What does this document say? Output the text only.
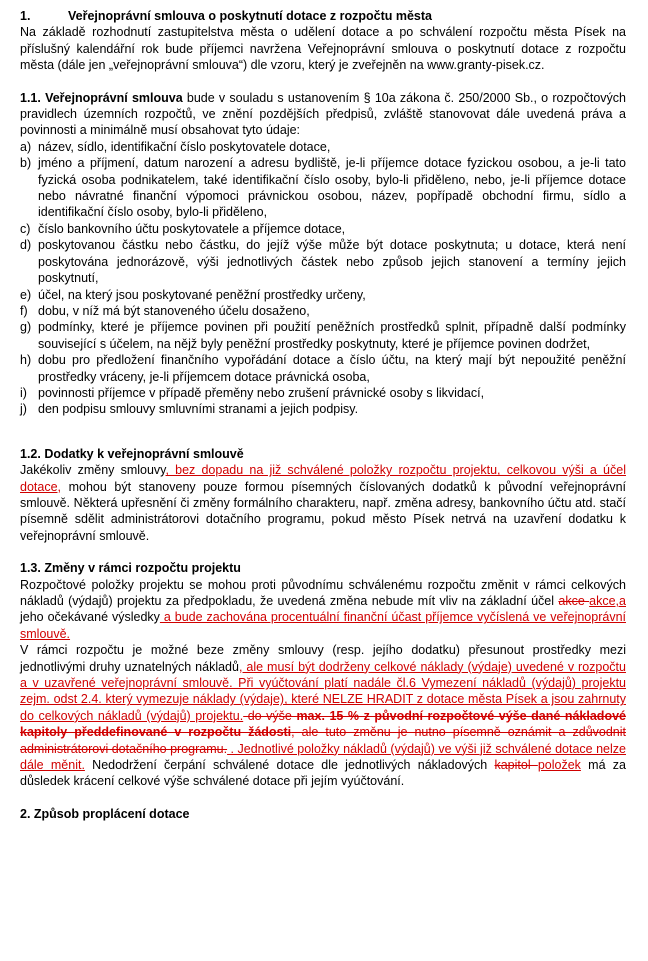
1.	Veřejnoprávní smlouva o poskytnutí dotace z rozpočtu města

Na základě rozhodnutí zastupitelstva města o udělení dotace a po schválení rozpočtu města Písek na příslušný kalendářní rok bude příjemci navržena Veřejnoprávní smlouva o poskytnutí dotace z rozpočtu města (dále jen „veřejnoprávní smlouva“) dle vzoru, který je zveřejněn na www.granty-pisek.cz.

1.1. Veřejnoprávní smlouva bude v souladu s ustanovením § 10a zákona č. 250/2000 Sb., o rozpočtových pravidlech územních rozpočtů, ve znění pozdějších předpisů, zvláště stanovovat dále uvedená práva a povinnosti a minimálně musí obsahovat tyto údaje:

a) název, sídlo, identifikační číslo poskytovatele dotace,
b) jméno a příjmení, datum narození a adresu bydliště, je-li příjemce dotace fyzickou osobou, a je-li tato fyzická osoba podnikatelem, také identifikační číslo osoby, bylo-li přiděleno, nebo, je-li příjemce dotace nebo návratné finanční výpomoci právnickou osobou, název, popřípadě obchodní firmu, sídlo a identifikační číslo osoby, bylo-li přiděleno,
c) číslo bankovního účtu poskytovatele a příjemce dotace,
d) poskytovanou částku nebo částku, do jejíž výše může být dotace poskytnuta; u dotace, která není poskytována jednorázově, výši jednotlivých částek nebo způsob jejich stanovení a termíny jejich poskytnutí,
e) účel, na který jsou poskytované peněžní prostředky určeny,
f) dobu, v níž má být stanoveného účelu dosaženo,
g) podmínky, které je příjemce povinen při použití peněžních prostředků splnit, případně další podmínky související s účelem, na nějž byly peněžní prostředky poskytnuty, které je příjemce povinen dodržet,
h) dobu pro předložení finančního vypořádání dotace a číslo účtu, na který mají být nepoužité peněžní prostředky vráceny, je-li příjemcem dotace právnická osoba,
i) povinnosti příjemce v případě přeměny nebo zrušení právnické osoby s likvidací,
j) den podpisu smlouvy smluvními stranami a jejich podpisy.
1.2. Dodatky k veřejnoprávní smlouvě

Jakékoliv změny smlouvy, bez dopadu na již schválené položky rozpočtu projektu, celkovou výši a účel dotace, mohou být stanoveny pouze formou písemných číslovaných dodatků k původní veřejnoprávní smlouvě. Některá upřesnění či změny formálního charakteru, např. změna adresy, bankovního účtu atd. stačí písemně sdělit administrátorovi dotačního programu, pokud město Písek netrvá na uzavření dodatku k veřejnoprávní smlouvě.

1.3. Změny v rámci rozpočtu projektu

Rozpočtové položky projektu se mohou proti původnímu schválenému rozpočtu změnit v rámci celkových nákladů (výdajů) projektu za předpokladu, že uvedená změna nebude mít vliv na základní účel akce akce,a jeho očekávané výsledky a bude zachována procentuální finanční účast příjemce vyčíslená ve veřejnoprávní smlouvě.

V rámci rozpočtu je možné beze změny smlouvy (resp. jejího dodatku) přesunout prostředky mezi jednotlivými druhy uznatelných nákladů, ale musí být dodrženy celkové náklady (výdaje) uvedené v rozpočtu a v uzavřené veřejnoprávní smlouvě. Při vyúčtování platí nadále čl.6 Vymezení nákladů (výdajů) projektu zejm. odst 2.4. který vymezuje náklady (výdaje), které NELZE HRADIT z dotace města Písek a jsou zahrnuty do celkových nákladů (výdajů) projektu. do výše max. 15 % z původní rozpočtové výše dané nákladové kapitoly předdefinované v rozpočtu žádosti, ale tuto změnu je nutno písemně oznámit a zdůvodnit administrátorovi dotačního programu. . Jednotlivé položky nákladů (výdajů) ve výši již schválené dotace nelze dále měnit. Nedodržení čerpání schválené dotace dle jednotlivých nákladových kapitol položek má za důsledek krácení celkové výše schválené dotace při jejím vyúčtování.

2. Způsob proplácení dotace
